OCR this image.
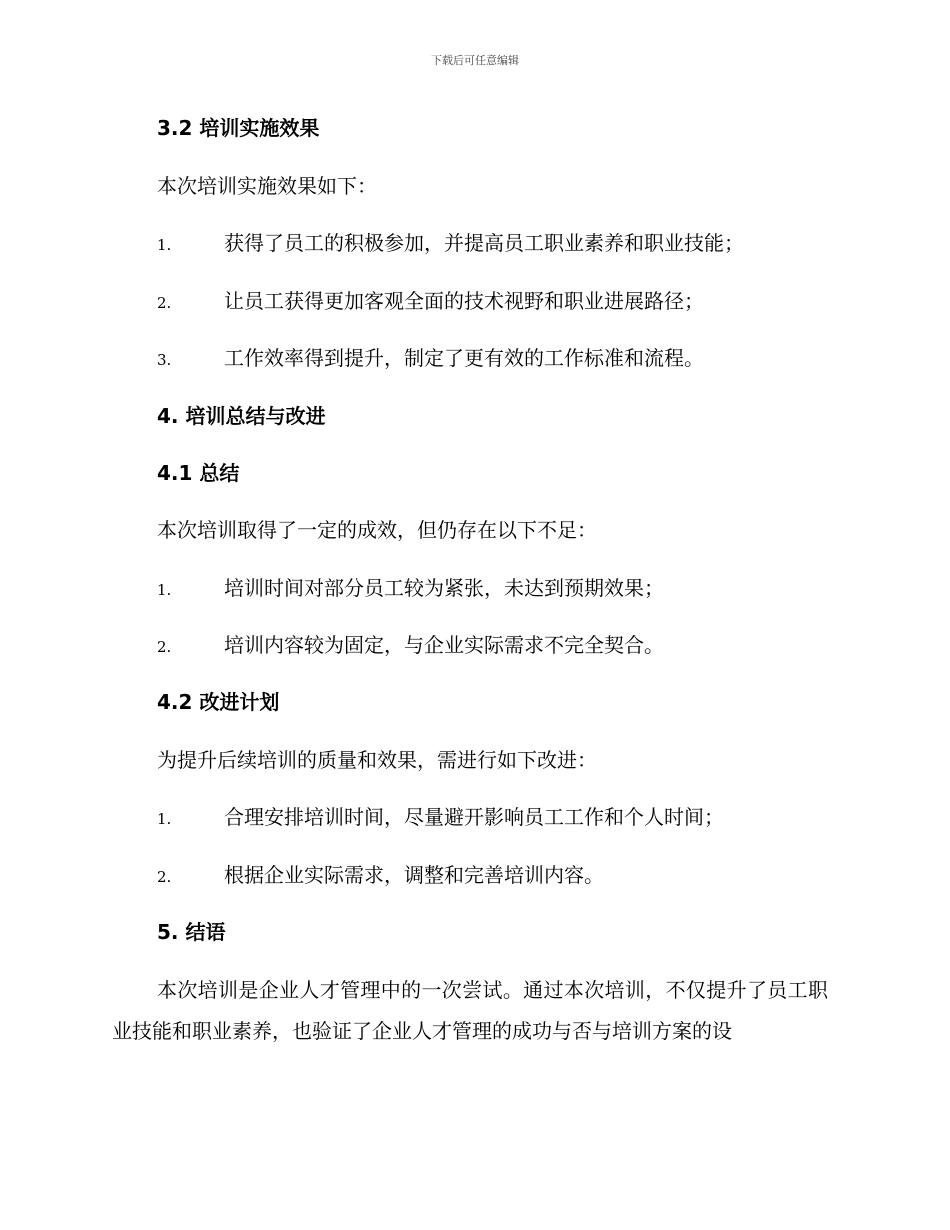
下载后可任意编辑
3.2 培训实施效果
本次培训实施效果如下：
1.	获得了员工的积极参加，并提高员工职业素养和职业技能；
2.	让员工获得更加客观全面的技术视野和职业进展路径；
3.	工作效率得到提升，制定了更有效的工作标准和流程。
4. 培训总结与改进
4.1 总结
本次培训取得了一定的成效，但仍存在以下不足：
1.	培训时间对部分员工较为紧张，未达到预期效果；
2.	培训内容较为固定，与企业实际需求不完全契合。
4.2 改进计划
为提升后续培训的质量和效果，需进行如下改进：
1.	合理安排培训时间，尽量避开影响员工工作和个人时间；
2.	根据企业实际需求，调整和完善培训内容。
5. 结语
本次培训是企业人才管理中的一次尝试。通过本次培训，不仅提升了员工职业技能和职业素养，也验证了企业人才管理的成功与否与培训方案的设
